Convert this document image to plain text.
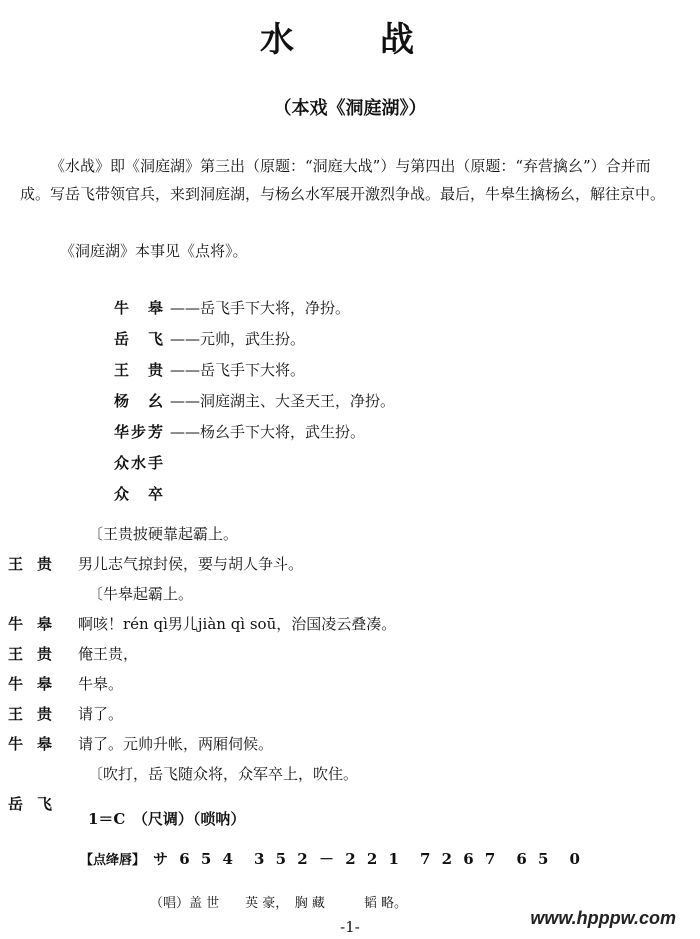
水　战
（本戏《洞庭湖》）

《水战》即《洞庭湖》第三出（原题：“洞庭大战”）与第四出（原题：“弃营擒幺”）合并而成。写岳飞带领官兵，来到洞庭湖，与杨幺水军展开激烈争战。最后，牛皋生擒杨幺，解往京中。

《洞庭湖》本事见《点将》。
牛　皋 ——岳飞手下大将，净扮。
岳　飞 ——元帅，武生扮。
王　贵 ——岳飞手下大将。
杨　幺 ——洞庭湖主、大圣天王，净扮。
华步芳 ——杨幺手下大将，武生扮。
众水手
众　卒
〔王贵披硬靠起霸上。
王贵 男儿志气掠封侯，要与胡人争斗。
〔牛皋起霸上。
牛皋 啊咳！rén qì男儿jiàn qì soū，治国凌云叠凑。
王贵 俺王贵，
牛皋 牛皋。
王贵 请了。
牛皋 请了。元帅升帐，两厢伺候。
〔吹打，岳飞随众将，众军卒上，吹住。
岳飞
1＝C　（尺调）（唢呐）
【点绛唇】 サ 6 5 4　3 5 2 － 2 2 1　7 2 6 7　6 5　0
（唱）盖 世　　英 豪，　胸 藏　　　韬 略。
-1-	www.hpppw.com
